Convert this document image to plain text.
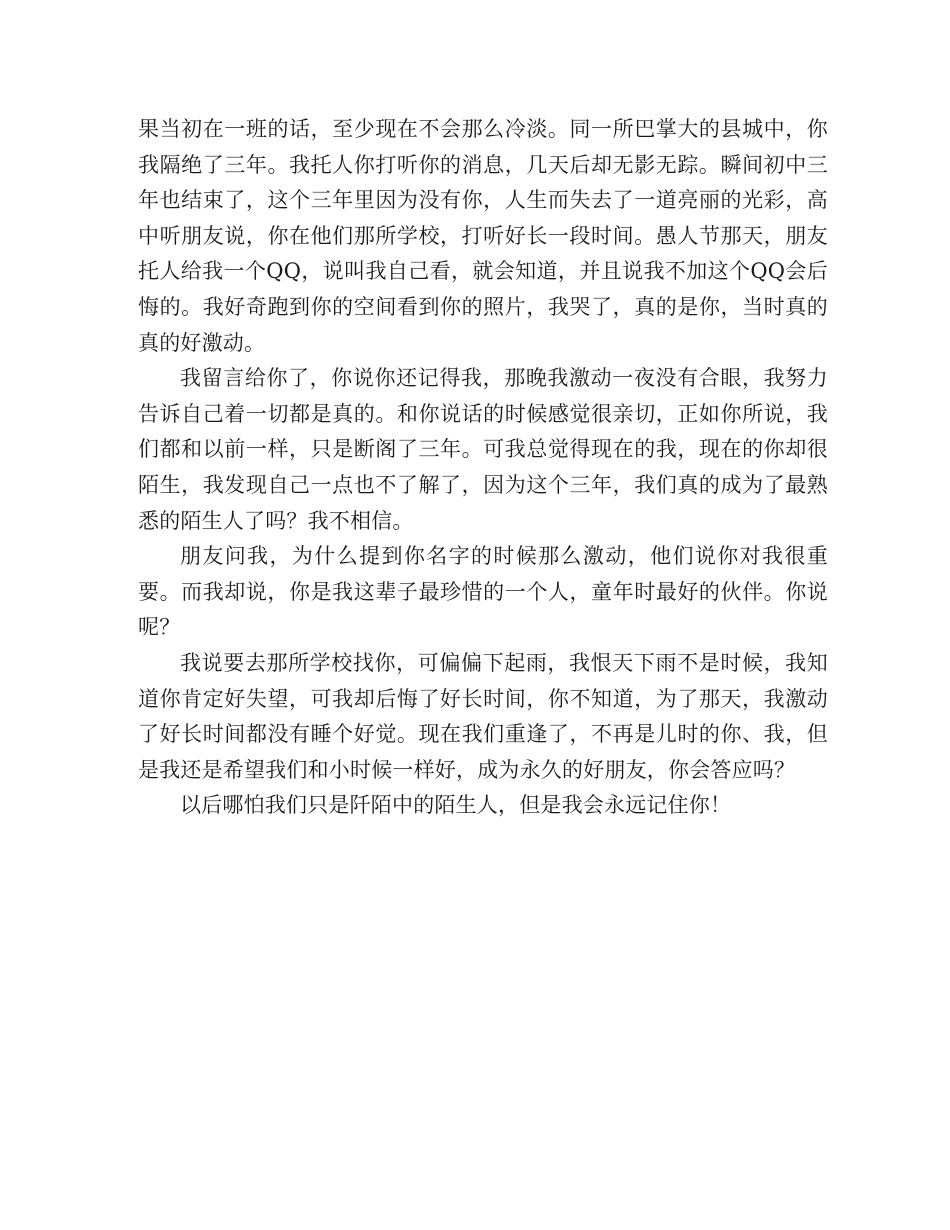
果当初在一班的话，至少现在不会那么冷淡。同一所巴掌大的县城中，你我隔绝了三年。我托人你打听你的消息，几天后却无影无踪。瞬间初中三年也结束了，这个三年里因为没有你，人生而失去了一道亮丽的光彩，高中听朋友说，你在他们那所学校，打听好长一段时间。愚人节那天，朋友托人给我一个QQ，说叫我自己看，就会知道，并且说我不加这个QQ会后悔的。我好奇跑到你的空间看到你的照片，我哭了，真的是你，当时真的真的好激动。

我留言给你了，你说你还记得我，那晚我激动一夜没有合眼，我努力告诉自己着一切都是真的。和你说话的时候感觉很亲切，正如你所说，我们都和以前一样，只是断阁了三年。可我总觉得现在的我，现在的你却很陌生，我发现自己一点也不了解了，因为这个三年，我们真的成为了最熟悉的陌生人了吗？我不相信。

朋友问我，为什么提到你名字的时候那么激动，他们说你对我很重要。而我却说，你是我这辈子最珍惜的一个人，童年时最好的伙伴。你说呢？

我说要去那所学校找你，可偏偏下起雨，我恨天下雨不是时候，我知道你肯定好失望，可我却后悔了好长时间，你不知道，为了那天，我激动了好长时间都没有睡个好觉。现在我们重逢了，不再是儿时的你、我，但是我还是希望我们和小时候一样好，成为永久的好朋友，你会答应吗？

以后哪怕我们只是阡陌中的陌生人，但是我会永远记住你！
